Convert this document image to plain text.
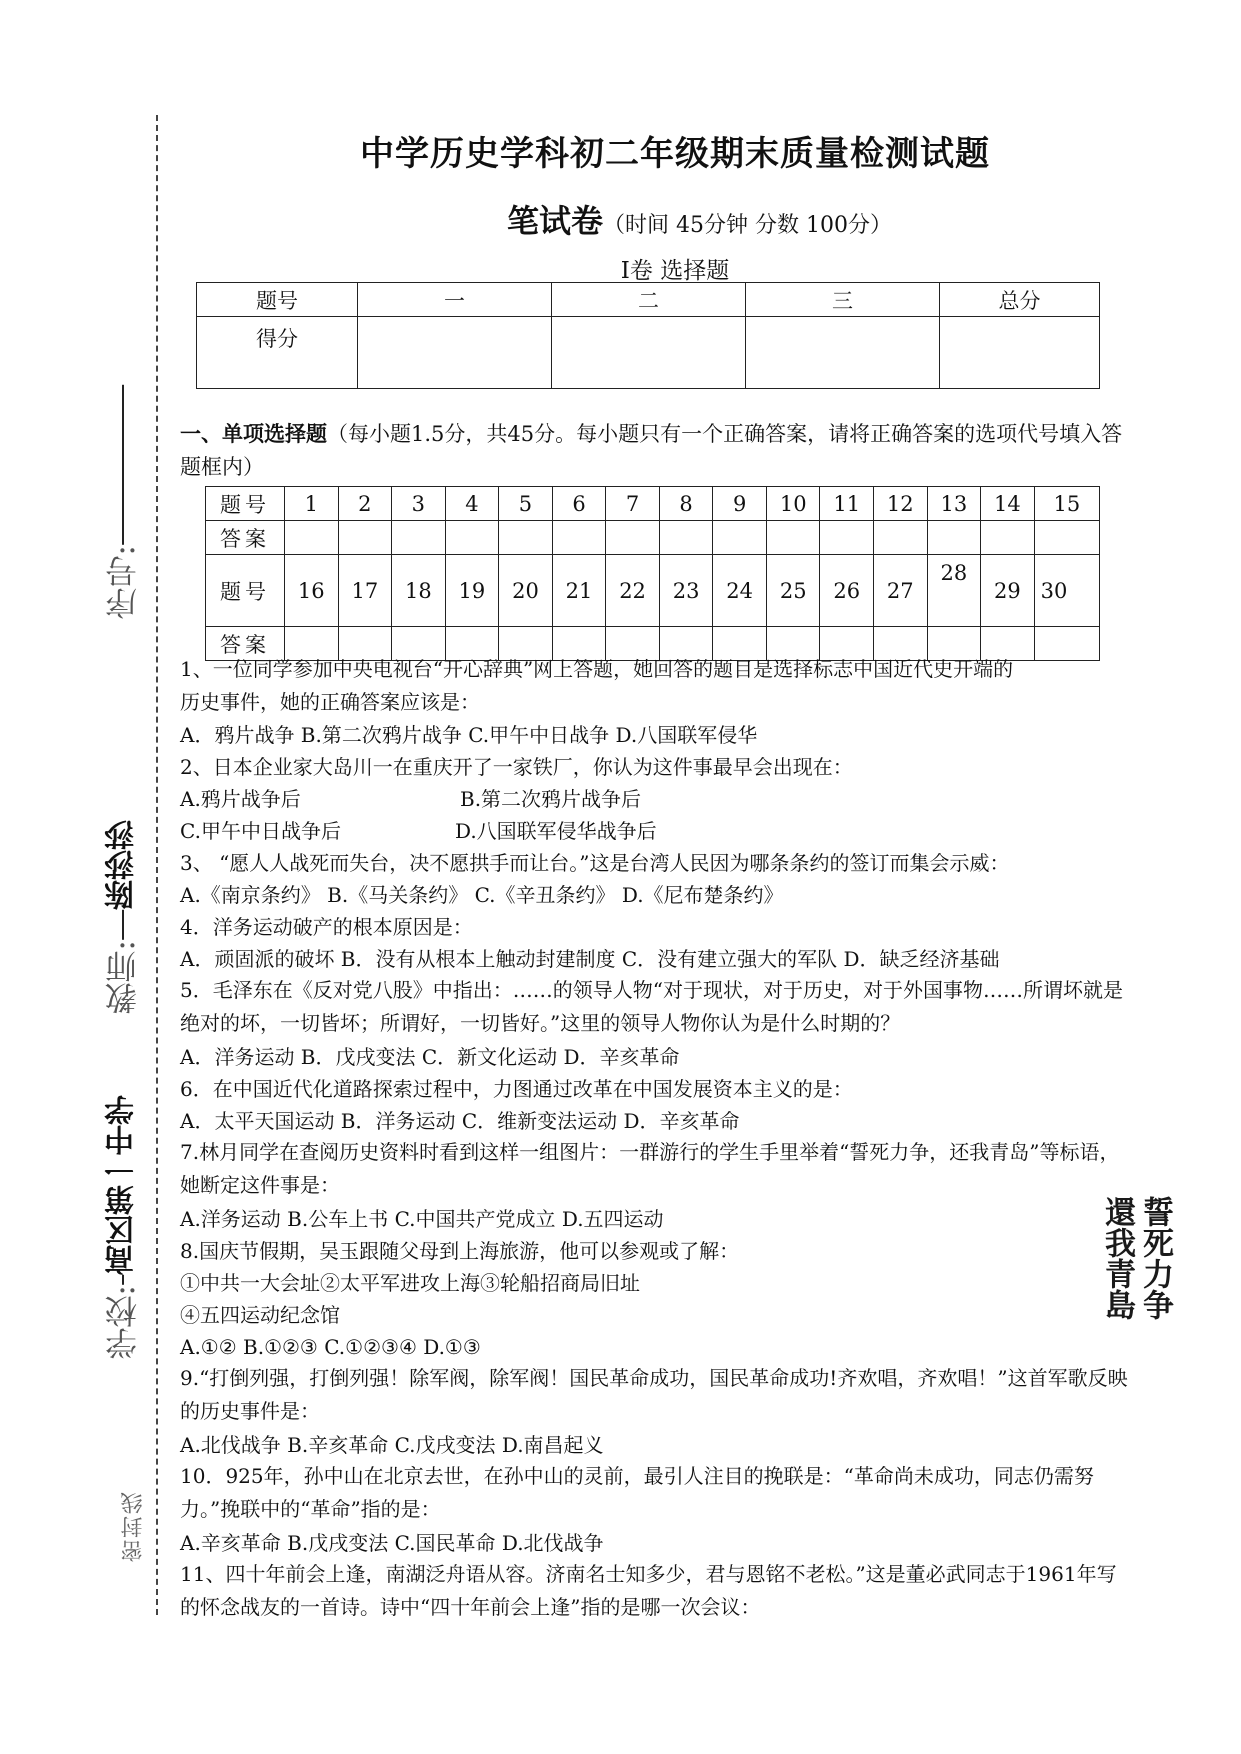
学校:高区第一中学
教师:陈莎莎
序号:
密封线
中学历史学科初二年级期末质量检测试题
笔试卷（时间 45分钟 分数 100分）
I卷 选择题
题号	一	二	三	总分
得分				
一、单项选择题（每小题1.5分，共45分。每小题只有一个正确答案，请将正确答案的选项代号填入答题框内）
题号	1	2	3	4	5	6	7	8	9	10	11	12	13	14	15
答案															
题号	16	17	18	19	20	21	22	23	24	25	26	27	28	29	30
答案															
1、一位同学参加中央电视台“开心辞典”网上答题，她回答的题目是选择标志中国近代史开端的
历史事件，她的正确答案应该是：
A．鸦片战争 B.第二次鸦片战争 C.甲午中日战争 D.八国联军侵华
2、日本企业家大岛川一在重庆开了一家铁厂，你认为这件事最早会出现在：
A.鸦片战争后	B.第二次鸦片战争后
C.甲午中日战争后	D.八国联军侵华战争后
3、 “愿人人战死而失台，决不愿拱手而让台。”这是台湾人民因为哪条条约的签订而集会示威：
A.《南京条约》 B.《马关条约》 C.《辛丑条约》 D.《尼布楚条约》
4．洋务运动破产的根本原因是：
A．顽固派的破坏 B．没有从根本上触动封建制度 C．没有建立强大的军队 D．缺乏经济基础
5．毛泽东在《反对党八股》中指出：……的领导人物“对于现状，对于历史，对于外国事物……所谓坏就是绝对的坏，一切皆坏；所谓好，一切皆好。”这里的领导人物你认为是什么时期的？
A．洋务运动 B．戊戌变法 C．新文化运动 D．辛亥革命
6．在中国近代化道路探索过程中，力图通过改革在中国发展资本主义的是：
A．太平天国运动 B．洋务运动 C．维新变法运动 D．辛亥革命
7.林月同学在查阅历史资料时看到这样一组图片：一群游行的学生手里举着“誓死力争，还我青岛”等标语，她断定这件事是：
A.洋务运动 B.公车上书 C.中国共产党成立 D.五四运动
8.国庆节假期，吴玉跟随父母到上海旅游，他可以参观或了解：
①中共一大会址②太平军进攻上海③轮船招商局旧址
④五四运动纪念馆
A.①② B.①②③ C.①②③④ D.①③
9.“打倒列强，打倒列强！除军阀，除军阀！国民革命成功，国民革命成功!齐欢唱，齐欢唱！”这首军歌反映的历史事件是：
A.北伐战争 B.辛亥革命 C.戊戌变法 D.南昌起义
10．925年，孙中山在北京去世，在孙中山的灵前，最引人注目的挽联是：“革命尚未成功，同志仍需努力。”挽联中的“革命”指的是：
A.辛亥革命 B.戊戌变法 C.国民革命 D.北伐战争
11、四十年前会上逢，南湖泛舟语从容。济南名士知多少，君与恩铭不老松。”这是董必武同志于1961年写的怀念战友的一首诗。诗中“四十年前会上逢”指的是哪一次会议：
誓死力争
還我青島
